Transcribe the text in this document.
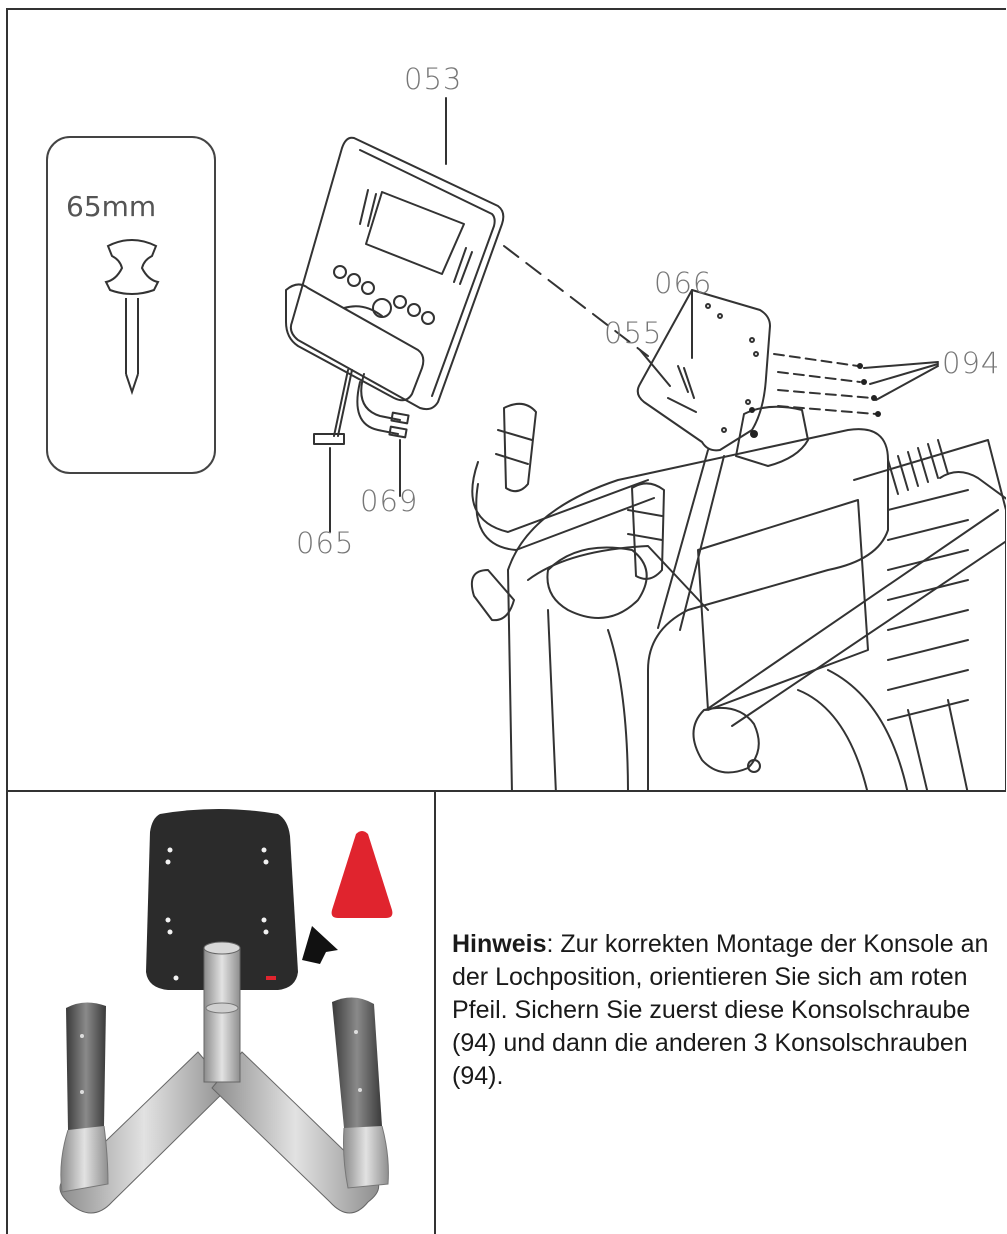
65mm
053
066
055
094
069
065
Hinweis: Zur korrekten Montage der Konsole an der Lochposition, orientieren Sie sich am roten Pfeil. Sichern Sie zuerst diese Konsolschraube (94) und dann die anderen 3 Konsolschrauben (94).
